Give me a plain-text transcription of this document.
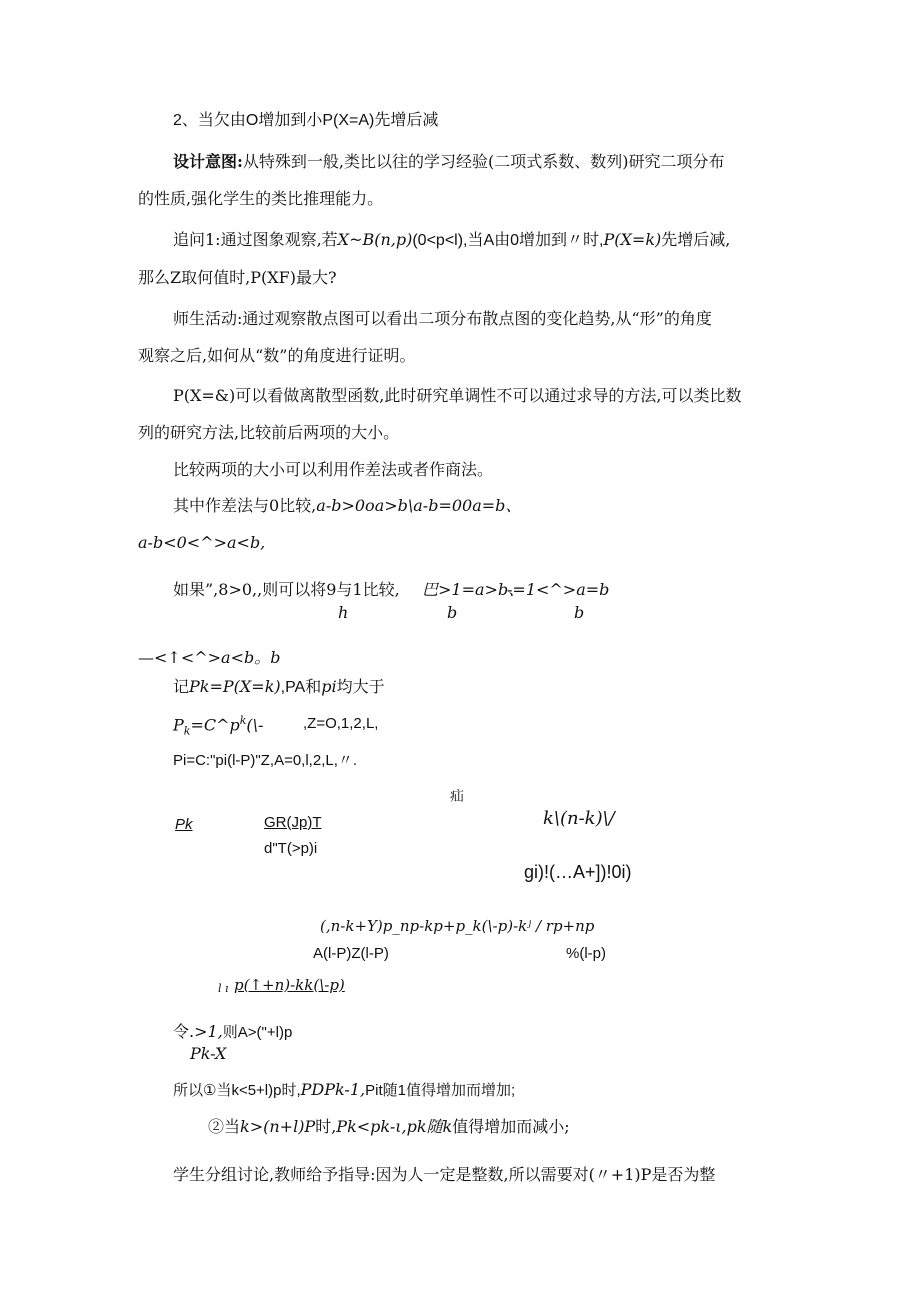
2、当欠由O增加到小P(X=A)先增后减
设计意图:从特殊到一般,类比以往的学习经验(二项式系数、数列)研究二项分布
的性质,强化学生的类比推理能力。
追问1:通过图象观察,若X~B(n,p)(0<p<l),当A由0增加到〃时,P(X=k)先增后减,
那么Z取何值时,P(XF)最大?
师生活动:通过观察散点图可以看出二项分布散点图的变化趋势,从“形”的角度
观察之后,如何从“数”的角度进行证明。
P(X=&)可以看做离散型函数,此时研究单调性不可以通过求导的方法,可以类比数
列的研究方法,比较前后两项的大小。
比较两项的大小可以利用作差法或者作商法。
其中作差法与0比较,a-b>0oa>b\a-b=00a=b、
a-b<0<^>a<b,
如果”,8>0,,则可以将9与1比较, 巴>1=a>b、
-=1<^>a=b
h	b	b
—<↑<^>a<b。b
记Pk=P(X=k),PA和pi均大于
$P_k=C\^{}p^k(\backslash-$	,Z=O,1,2,L,
Pi=C:"pi(l-P)"Z,A=0,l,2,L,〃.
疝
Pk	GR(Jp)T	k\(n-k)\/
d"T(>p)i
gi)!(…A+])!0i)
(,n-k+Y)p_np-kp+p_k(\-p)-kʲ / rp+np
A(l-P)Z(l-P)	%(l-p)
l ı p(↑+n)-kk(\-p)
令.>1,则A>("+l)p
Pk-X
所以①当k<5+l)p时,PDPk-1,Pit随1值得增加而增加;
②当k>(n+l)P时,Pk<pk-ι,pk随k值得增加而减小;
学生分组讨论,教师给予指导:因为人一定是整数,所以需要对(〃+1)P是否为整
